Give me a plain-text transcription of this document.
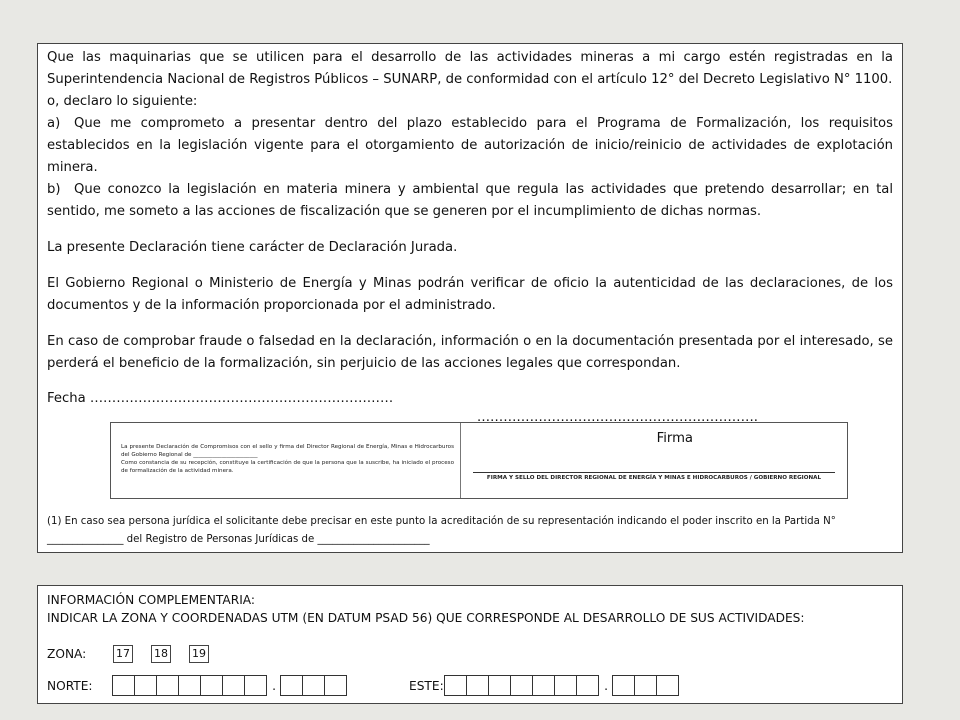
Que las maquinarias que se utilicen para el desarrollo de las actividades mineras a mi cargo estén registradas en la Superintendencia Nacional de Registros Públicos – SUNARP, de conformidad con el artículo 12° del Decreto Legislativo N° 1100.

o, declaro lo siguiente:

a) Que me comprometo a presentar dentro del plazo establecido para el Programa de Formalización, los requisitos establecidos en la legislación vigente para el otorgamiento de autorización de inicio/reinicio de actividades de explotación minera.

b) Que conozco la legislación en materia minera y ambiental que regula las actividades que pretendo desarrollar; en tal sentido, me someto a las acciones de fiscalización que se generen por el incumplimiento de dichas normas.

La presente Declaración tiene carácter de Declaración Jurada.

El Gobierno Regional o Ministerio de Energía y Minas podrán verificar de oficio la autenticidad de las declaraciones, de los documentos y de la información proporcionada por el administrado.

En caso de comprobar fraude o falsedad en la declaración, información o en la documentación presentada por el interesado, se perderá el beneficio de la formalización, sin perjuicio de las acciones legales que correspondan.

Fecha ……………………………………………………………
……………………………………………………….
Firma
La presente Declaración de Compromisos con el sello y firma del Director Regional de Energía, Minas e Hidrocarburos del Gobierno Regional de _______________________
Como constancia de su recepción, constituye la certificación de que la persona que la suscribe, ha iniciado el proceso de formalización de la actividad minera.
FIRMA Y SELLO DEL DIRECTOR REGIONAL DE ENERGÍA Y MINAS E HIDROCARBUROS / GOBIERNO REGIONAL
(1) En caso sea persona jurídica el solicitante debe precisar en este punto la acreditación de su representación indicando el poder inscrito en la Partida N° _______________ del Registro de Personas Jurídicas de ______________________

INFORMACIÓN COMPLEMENTARIA:

INDICAR LA ZONA Y COORDENADAS UTM (EN DATUM PSAD 56) QUE CORRESPONDE AL DESARROLLO DE SUS ACTIVIDADES:

ZONA:	17 18 19
NORTE:	.	ESTE:	.
